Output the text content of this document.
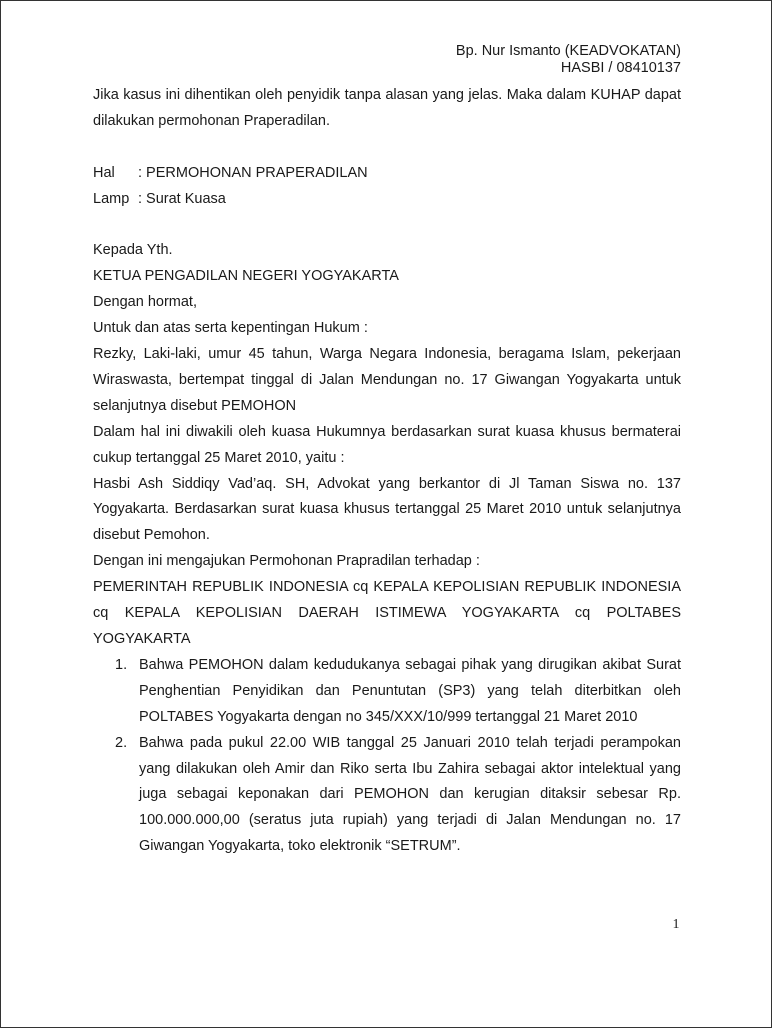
Bp. Nur Ismanto (KEADVOKATAN)
HASBI / 08410137
Jika kasus ini dihentikan oleh penyidik tanpa alasan yang jelas. Maka dalam KUHAP dapat dilakukan permohonan Praperadilan.
Hal	: PERMOHONAN PRAPERADILAN
Lamp : Surat Kuasa
Kepada Yth.
KETUA PENGADILAN NEGERI YOGYAKARTA
Dengan hormat,
Untuk dan atas serta kepentingan Hukum :
Rezky, Laki-laki, umur 45 tahun, Warga Negara Indonesia, beragama Islam, pekerjaan Wiraswasta, bertempat tinggal di Jalan Mendungan no. 17 Giwangan Yogyakarta untuk selanjutnya disebut PEMOHON
Dalam hal ini diwakili oleh kuasa Hukumnya berdasarkan surat kuasa khusus bermaterai cukup tertanggal 25 Maret 2010, yaitu :
Hasbi Ash Siddiqy Vad’aq. SH, Advokat yang berkantor di Jl Taman Siswa no. 137 Yogyakarta. Berdasarkan surat kuasa khusus tertanggal 25 Maret 2010 untuk selanjutnya disebut Pemohon.
Dengan ini mengajukan Permohonan Prapradilan terhadap :
PEMERINTAH REPUBLIK INDONESIA cq KEPALA KEPOLISIAN REPUBLIK INDONESIA cq KEPALA KEPOLISIAN DAERAH ISTIMEWA YOGYAKARTA cq POLTABES YOGYAKARTA
1. Bahwa PEMOHON dalam kedudukanya sebagai pihak yang dirugikan akibat Surat Penghentian Penyidikan dan Penuntutan (SP3) yang telah diterbitkan oleh POLTABES Yogyakarta dengan no 345/XXX/10/999 tertanggal 21 Maret 2010
2. Bahwa pada pukul 22.00 WIB tanggal 25 Januari 2010 telah terjadi perampokan yang dilakukan oleh Amir dan Riko serta Ibu Zahira sebagai aktor intelektual yang juga sebagai keponakan dari PEMOHON dan kerugian ditaksir sebesar Rp. 100.000.000,00 (seratus juta rupiah) yang terjadi di Jalan Mendungan no. 17 Giwangan Yogyakarta, toko elektronik “SETRUM”.
1
